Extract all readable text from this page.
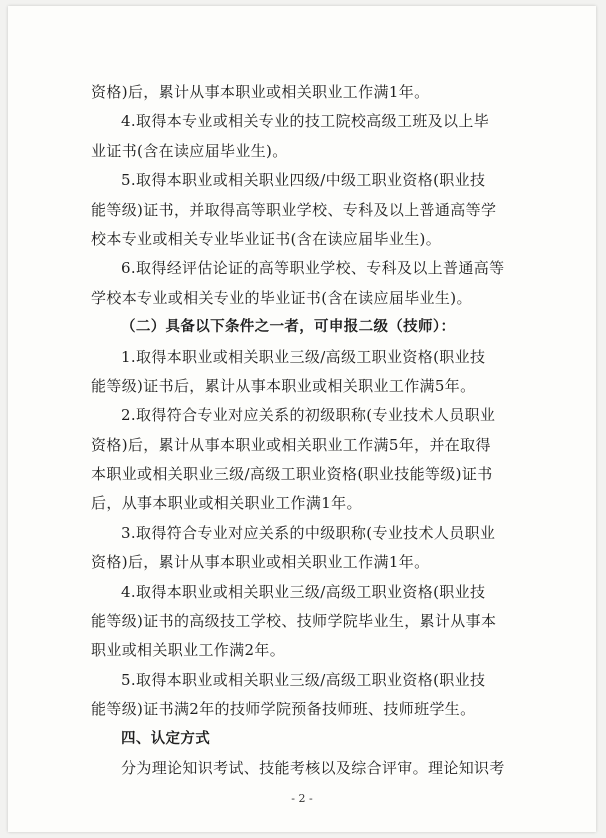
资格)后，累计从事本职业或相关职业工作满1年。
4.取得本专业或相关专业的技工院校高级工班及以上毕
业证书(含在读应届毕业生)。
5.取得本职业或相关职业四级/中级工职业资格(职业技
能等级)证书，并取得高等职业学校、专科及以上普通高等学
校本专业或相关专业毕业证书(含在读应届毕业生)。
6.取得经评估论证的高等职业学校、专科及以上普通高等
学校本专业或相关专业的毕业证书(含在读应届毕业生)。
（二）具备以下条件之一者，可申报二级（技师）：
1.取得本职业或相关职业三级/高级工职业资格(职业技
能等级)证书后，累计从事本职业或相关职业工作满5年。
2.取得符合专业对应关系的初级职称(专业技术人员职业
资格)后，累计从事本职业或相关职业工作满5年，并在取得
本职业或相关职业三级/高级工职业资格(职业技能等级)证书
后，从事本职业或相关职业工作满1年。
3.取得符合专业对应关系的中级职称(专业技术人员职业
资格)后，累计从事本职业或相关职业工作满1年。
4.取得本职业或相关职业三级/高级工职业资格(职业技
能等级)证书的高级技工学校、技师学院毕业生，累计从事本
职业或相关职业工作满2年。
5.取得本职业或相关职业三级/高级工职业资格(职业技
能等级)证书满2年的技师学院预备技师班、技师班学生。
四、认定方式
分为理论知识考试、技能考核以及综合评审。理论知识考
- 2 -
